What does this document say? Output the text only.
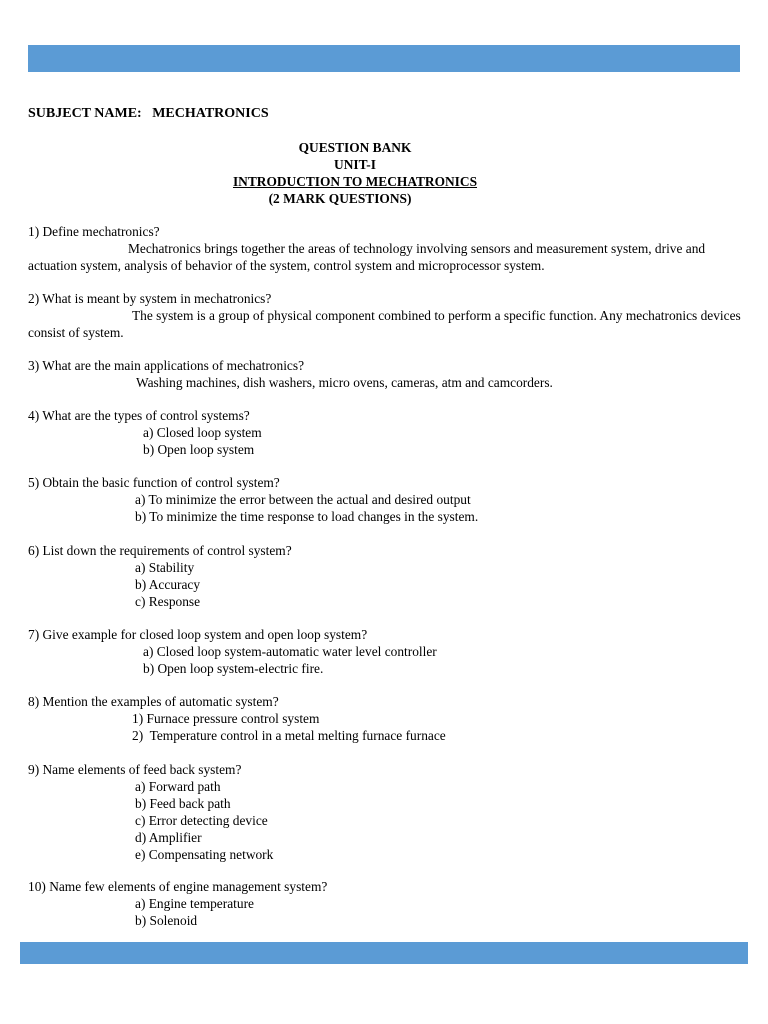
SUBJECT NAME: MECHATRONICS
QUESTION BANK
UNIT-I
INTRODUCTION TO MECHATRONICS
(2 MARK QUESTIONS)
1) Define mechatronics?
Mechatronics brings together the areas of technology involving sensors and measurement system, drive and actuation system, analysis of behavior of the system, control system and microprocessor system.
2) What is meant by system in mechatronics?
The system is a group of physical component combined to perform a specific function. Any mechatronics devices consist of system.
3) What are the main applications of mechatronics?
Washing machines, dish washers, micro ovens, cameras, atm and camcorders.
4) What are the types of control systems?
a) Closed loop system
b) Open loop system
5) Obtain the basic function of control system?
a) To minimize the error between the actual and desired output
b) To minimize the time response to load changes in the system.
6) List down the requirements of control system?
a) Stability
b) Accuracy
c) Response
7) Give example for closed loop system and open loop system?
a) Closed loop system-automatic water level controller
b) Open loop system-electric fire.
8) Mention the examples of automatic system?
1) Furnace pressure control system
2)  Temperature control in a metal melting furnace furnace
9) Name elements of feed back system?
a) Forward path
b) Feed back path
c) Error detecting device
d) Amplifier
e) Compensating network
10) Name few elements of engine management system?
a) Engine temperature
b) Solenoid
